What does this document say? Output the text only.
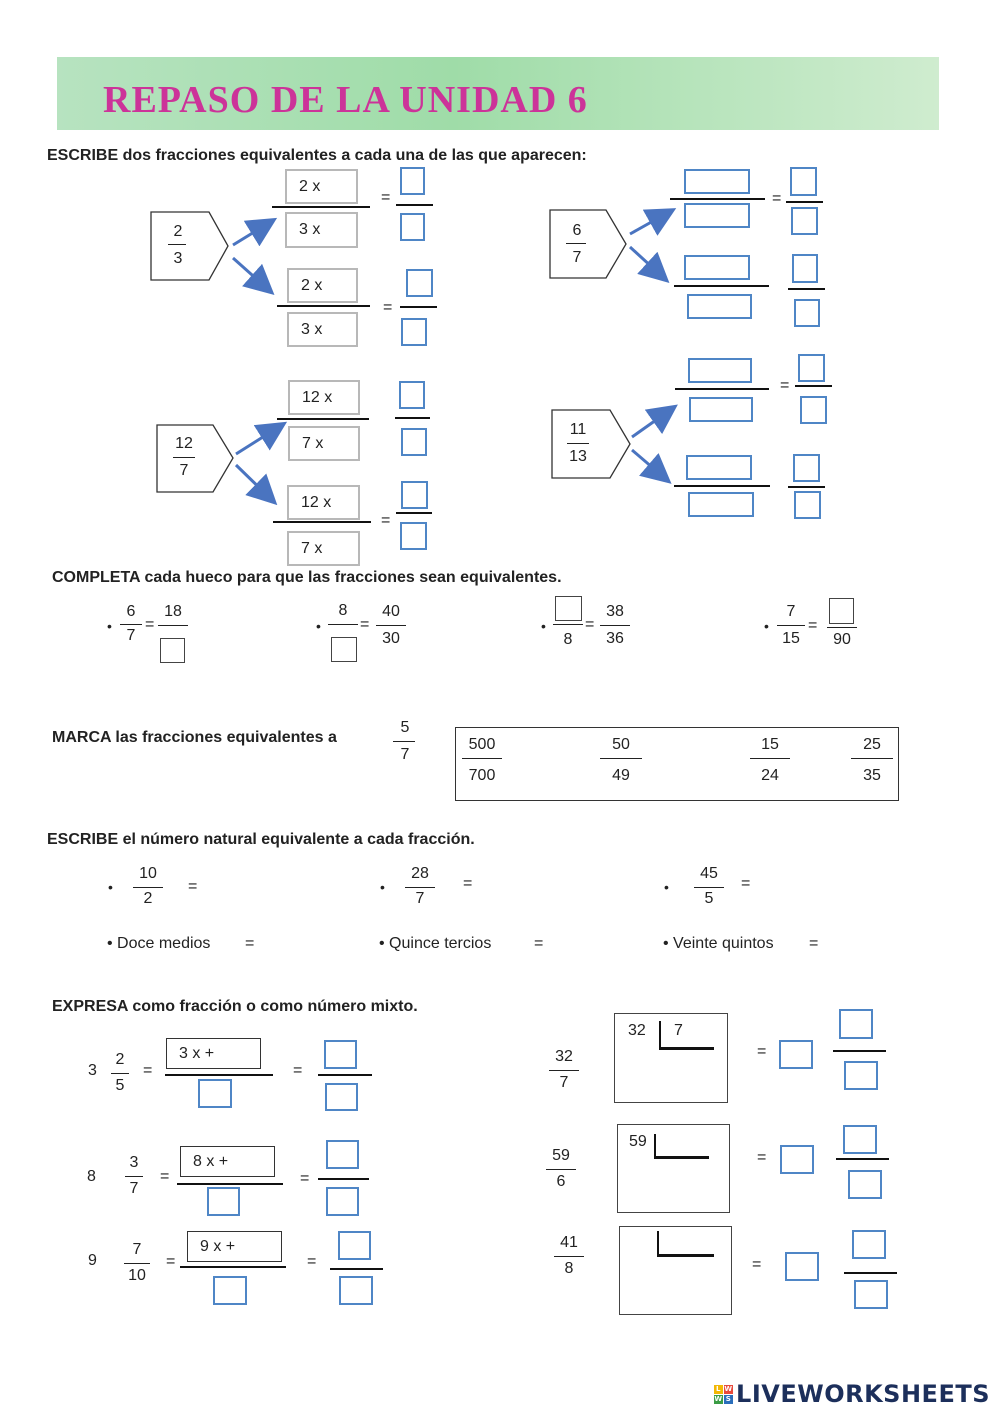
REPASO DE LA UNIDAD 6
ESCRIBE dos fracciones equivalentes a cada una de las que aparecen:
2
3
2 x
3 x
=
2 x
3 x
=
6
7
=
12
7
12 x
7 x
12 x
7 x
=
11
13
=
COMPLETA cada hueco para que las fracciones sean equivalentes.
•
6
7
=
18
•
8
=
40
30
•
8
=
38
36
•
7
15
=
90
MARCA las fracciones equivalentes a
5
7
500
700
50
49
15
24
25
35
ESCRIBE el número natural equivalente a cada fracción.
•
10
2
=	•
28
7
=	•
45
5
=
• Doce medios =	• Quince tercios	=	• Veinte quintos =
EXPRESA como fracción o como número mixto.
3
2
5
=
3 x +
=
8
3
7
=
8 x +
=
9
7
10
=
9 x +
=
32
7
32 7
=
59
6
59
=
41
8	=
L W
W S LIVEWORKSHEETS
